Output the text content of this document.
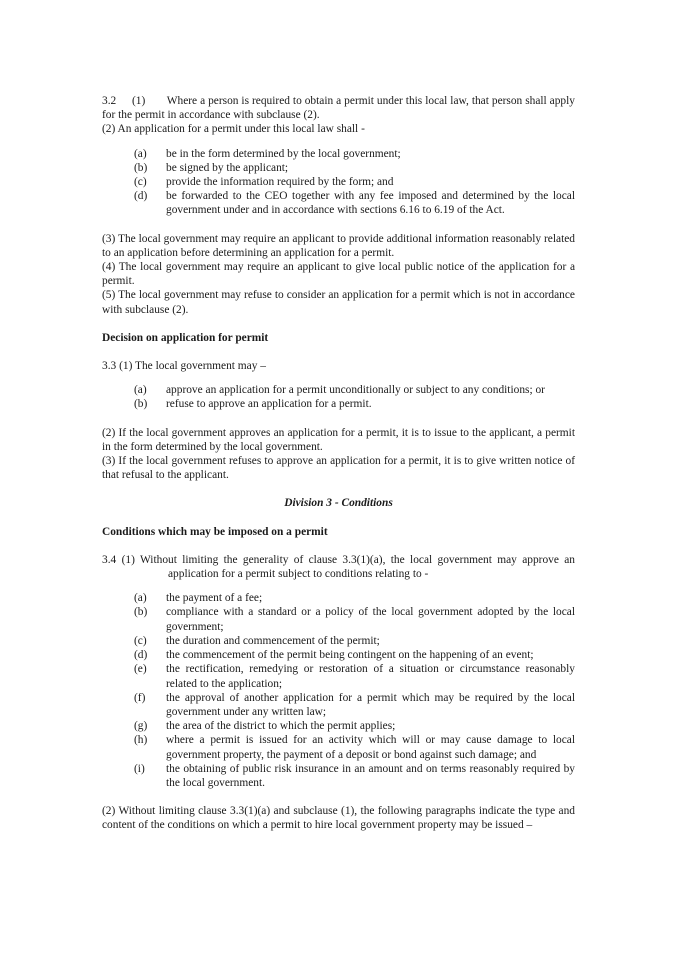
3.2 (1) Where a person is required to obtain a permit under this local law, that person shall apply for the permit in accordance with subclause (2).

(2) An application for a permit under this local law shall -

(a) be in the form determined by the local government;
(b) be signed by the applicant;
(c) provide the information required by the form; and
(d) be forwarded to the CEO together with any fee imposed and determined by the local government under and in accordance with sections 6.16 to 6.19 of the Act.

(3) The local government may require an applicant to provide additional information reasonably related to an application before determining an application for a permit.

(4) The local government may require an applicant to give local public notice of the application for a permit.

(5) The local government may refuse to consider an application for a permit which is not in accordance with subclause (2).

Decision on application for permit

3.3 (1) The local government may –

(a) approve an application for a permit unconditionally or subject to any conditions; or
(b) refuse to approve an application for a permit.

(2) If the local government approves an application for a permit, it is to issue to the applicant, a permit in the form determined by the local government.

(3) If the local government refuses to approve an application for a permit, it is to give written notice of that refusal to the applicant.

Division 3 - Conditions

Conditions which may be imposed on a permit

3.4 (1) Without limiting the generality of clause 3.3(1)(a), the local government may approve an application for a permit subject to conditions relating to -

(a) the payment of a fee;
(b) compliance with a standard or a policy of the local government adopted by the local government;
(c) the duration and commencement of the permit;
(d) the commencement of the permit being contingent on the happening of an event;
(e) the rectification, remedying or restoration of a situation or circumstance reasonably related to the application;
(f) the approval of another application for a permit which may be required by the local government under any written law;
(g) the area of the district to which the permit applies;
(h) where a permit is issued for an activity which will or may cause damage to local government property, the payment of a deposit or bond against such damage; and
(i) the obtaining of public risk insurance in an amount and on terms reasonably required by the local government.

(2) Without limiting clause 3.3(1)(a) and subclause (1), the following paragraphs indicate the type and content of the conditions on which a permit to hire local government property may be issued –
